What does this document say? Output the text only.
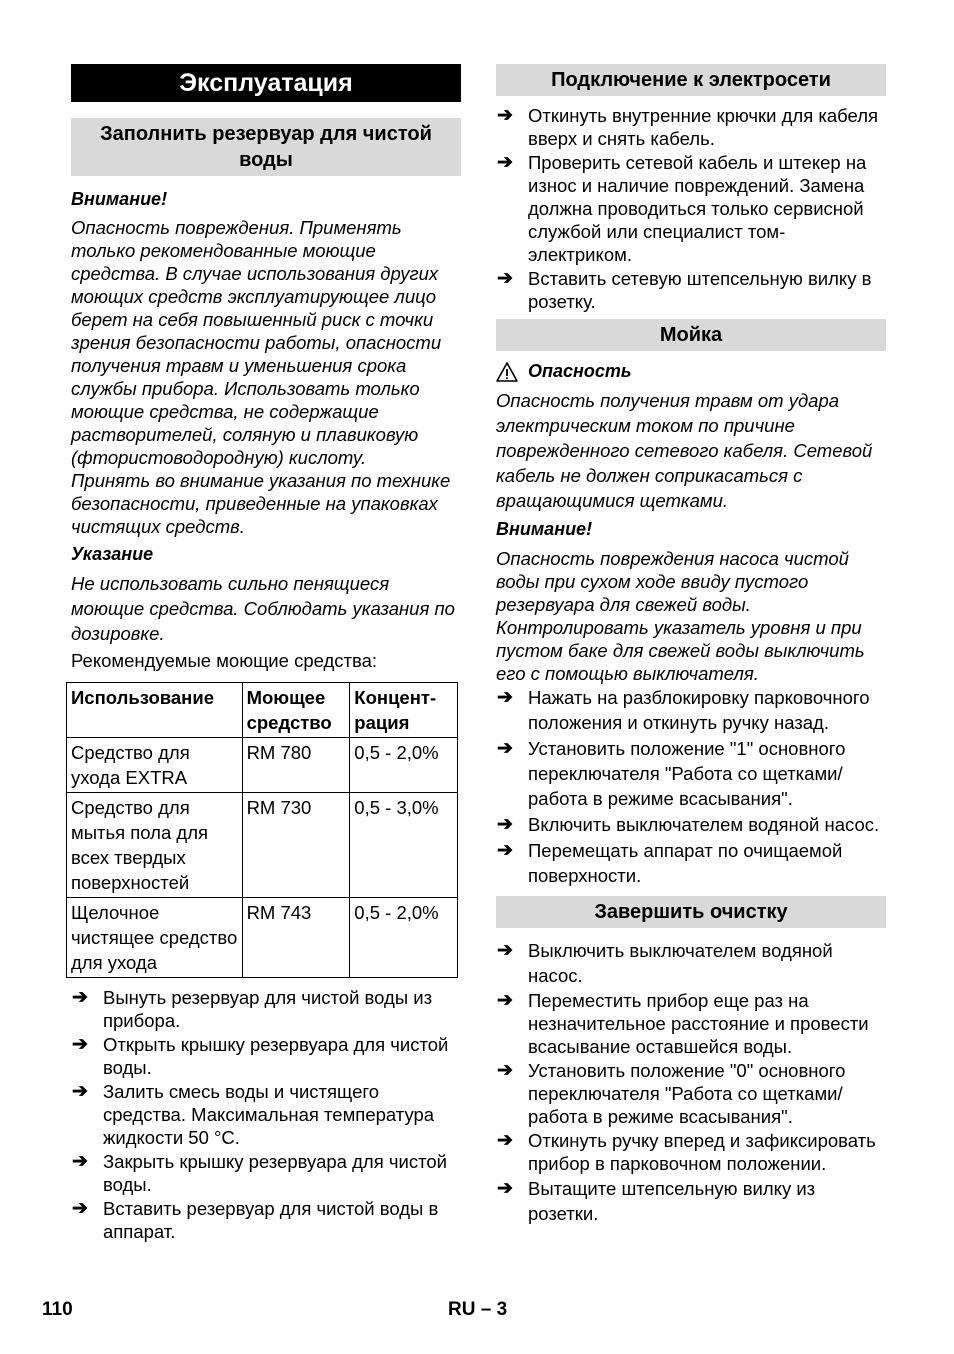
Эксплуатация
Заполнить резервуар для чистой воды
Внимание!
Опасность повреждения. Применять только рекомендованные моющие средства. В случае использования других моющих средств эксплуатирующее лицо берет на себя повышенный риск с точки зрения безопасности работы, опасности получения травм и уменьшения срока службы прибора. Использовать только моющие средства, не содержащие растворителей, соляную и плавиковую (фтористоводородную) кислоту.
Принять во внимание указания по технике безопасности, приведенные на упаковках чистящих средств.
Указание
Не использовать сильно пенящиеся моющие средства. Соблюдать указания по дозировке.
Рекомендуемые моющие средства:
Использование	Моющее средство	Концент-рация
Средство для ухода EXTRA	RM 780	0,5 - 2,0%
Средство для мытья пола для всех твердых поверхностей	RM 730	0,5 - 3,0%
Щелочное чистящее средство для ухода	RM 743	0,5 - 2,0%
➔ Вынуть резервуар для чистой воды из прибора.
➔ Открыть крышку резервуара для чистой воды.
➔ Залить смесь воды и чистящего средства. Максимальная температура жидкости 50 °C.
➔ Закрыть крышку резервуара для чистой воды.
➔ Вставить резервуар для чистой воды в аппарат.
Подключение к электросети
➔ Откинуть внутренние крючки для кабеля вверх и снять кабель.
➔ Проверить сетевой кабель и штекер на износ и наличие повреждений. Замена должна проводиться только сервисной службой или специалист том-электриком.
➔ Вставить сетевую штепсельную вилку в розетку.
Мойка
Опасность
Опасность получения травм от удара электрическим током по причине поврежденного сетевого кабеля. Сетевой кабель не должен соприкасаться с вращающимися щетками.
Внимание!
Опасность повреждения насоса чистой воды при сухом ходе ввиду пустого резервуара для свежей воды. Контролировать указатель уровня и при пустом баке для свежей воды выключить его с помощью выключателя.
➔ Нажать на разблокировку парковочного положения и откинуть ручку назад.
➔ Установить положение "1" основного переключателя "Работа со щетками/работа в режиме всасывания".
➔ Включить выключателем водяной насос.
➔ Перемещать аппарат по очищаемой поверхности.
Завершить очистку
➔ Выключить выключателем водяной насос.
➔ Переместить прибор еще раз на незначительное расстояние и провести всасывание оставшейся воды.
➔ Установить положение "0" основного переключателя "Работа со щетками/работа в режиме всасывания".
➔ Откинуть ручку вперед и зафиксировать прибор в парковочном положении.
➔ Вытащите штепсельную вилку из розетки.
110	RU – 3
